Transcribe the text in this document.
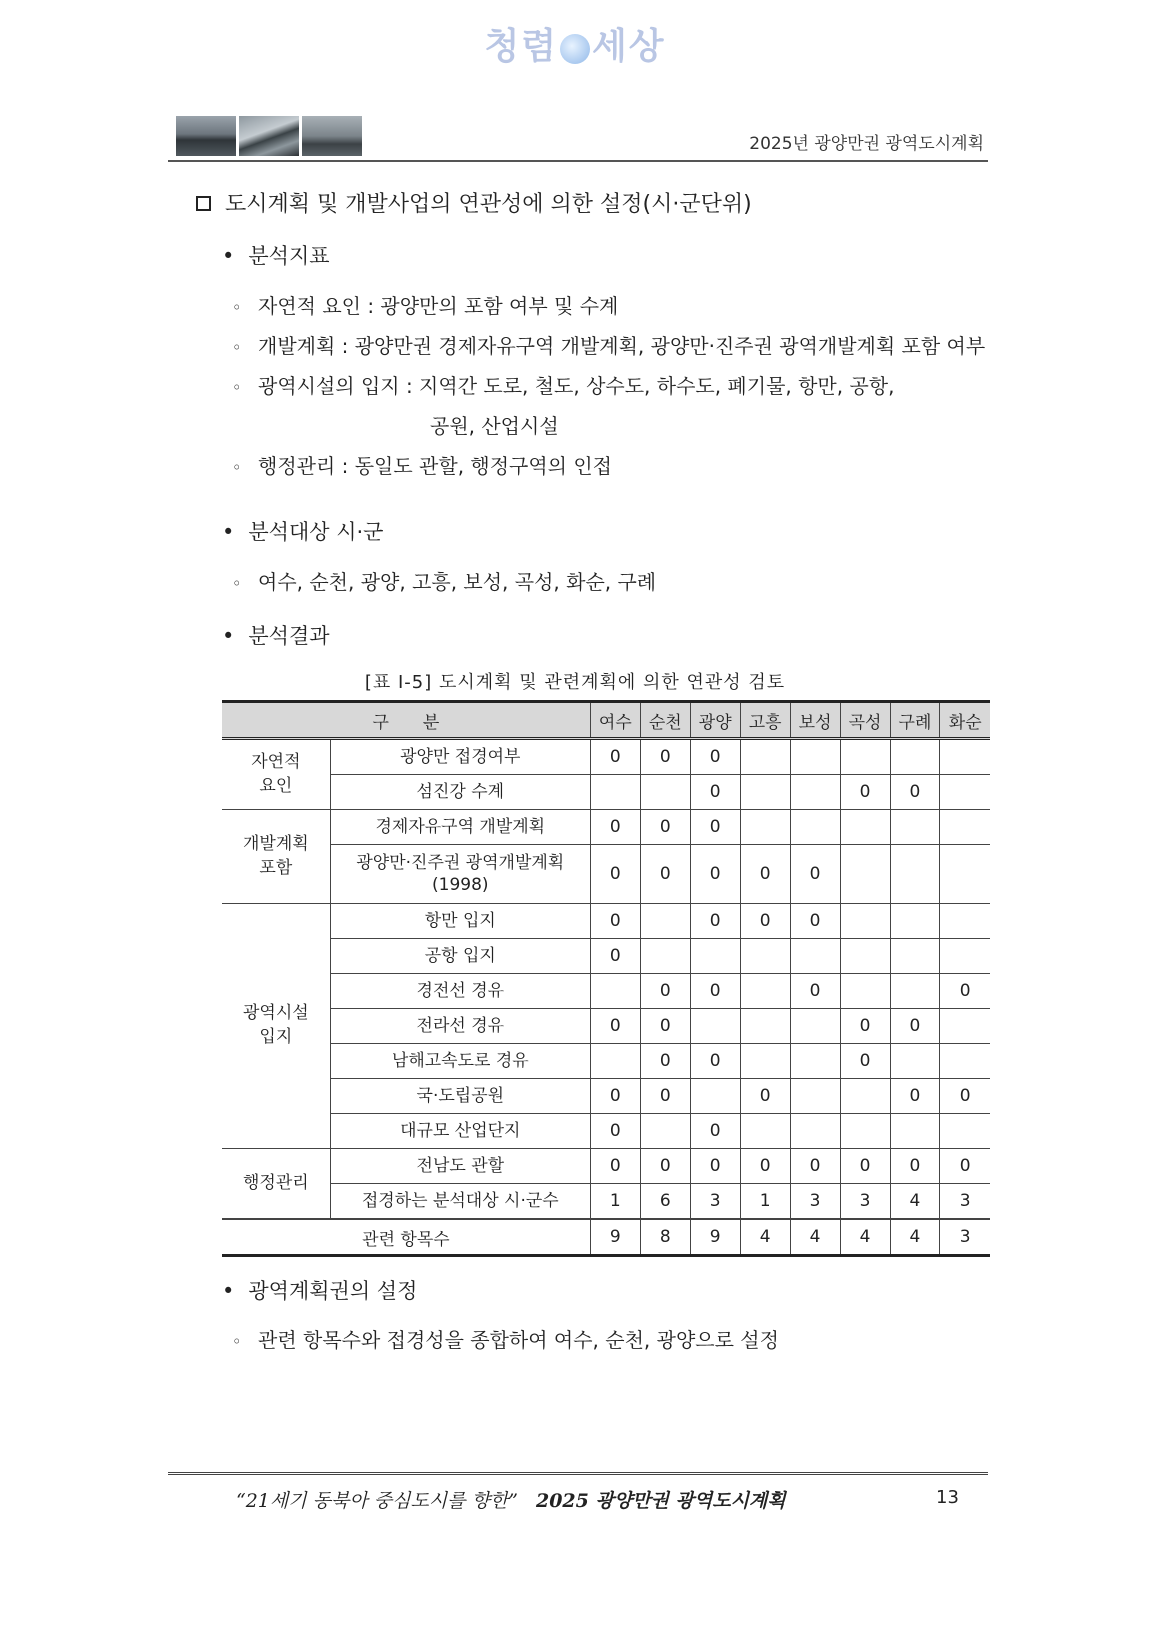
청렴 세상
2025년 광양만권 광역도시계획
도시계획 및 개발사업의 연관성에 의한 설정(시·군단위)
• 분석지표
◦ 자연적 요인 : 광양만의 포함 여부 및 수계
◦ 개발계획 : 광양만권 경제자유구역 개발계획, 광양만·진주권 광역개발계획 포함 여부
◦ 광역시설의 입지 : 지역간 도로, 철도, 상수도, 하수도, 폐기물, 항만, 공항,
공원, 산업시설
◦ 행정관리 : 동일도 관할, 행정구역의 인접
• 분석대상 시·군
◦ 여수, 순천, 광양, 고흥, 보성, 곡성, 화순, 구례
• 분석결과
[표 Ⅰ-5] 도시계획 및 관련계획에 의한 연관성 검토
구　　분		여수	순천	광양	고흥	보성	곡성	구례	화순
자연적
요인	광양만 접경여부	0	0	0					
	섬진강 수계			0			0	0	
개발계획
포함	경제자유구역 개발계획	0	0	0					
	광양만·진주권 광역개발계획
(1998)	0	0	0	0	0			
광역시설
입지	항만 입지	0		0	0	0			
	공항 입지	0							
	경전선 경유		0	0		0			0
	전라선 경유	0	0				0	0	
	남해고속도로 경유		0	0			0		
	국·도립공원	0	0		0			0	0
	대규모 산업단지	0		0					
행정관리	전남도 관할	0	0	0	0	0	0	0	0
	접경하는 분석대상 시·군수	1	6	3	1	3	3	4	3
관련 항목수		9	8	9	4	4	4	4	3
• 광역계획권의 설정
◦ 관련 항목수와 접경성을 종합하여 여수, 순천, 광양으로 설정
“21세기 동북아 중심도시를 향한” 2025 광양만권 광역도시계획	13
